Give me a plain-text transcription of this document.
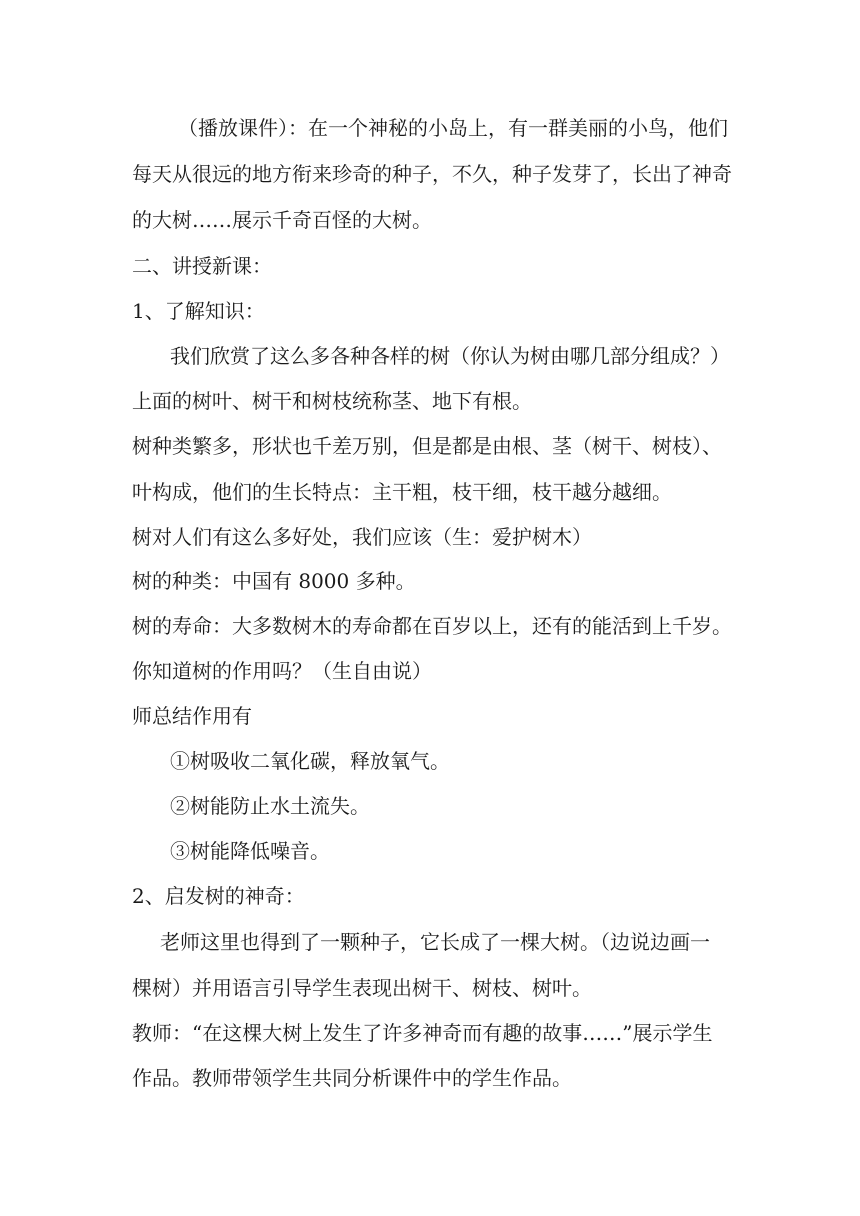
（播放课件）：在一个神秘的小岛上，有一群美丽的小鸟，他们

每天从很远的地方衔来珍奇的种子，不久，种子发芽了，长出了神奇

的大树……展示千奇百怪的大树。

二、讲授新课：

1、了解知识：

我们欣赏了这么多各种各样的树（你认为树由哪几部分组成？）

上面的树叶、树干和树枝统称茎、地下有根。

树种类繁多，形状也千差万别，但是都是由根、茎（树干、树枝）、

叶构成，他们的生长特点：主干粗，枝干细，枝干越分越细。

树对人们有这么多好处，我们应该（生：爱护树木）

树的种类：中国有 8000 多种。

树的寿命：大多数树木的寿命都在百岁以上，还有的能活到上千岁。

你知道树的作用吗？（生自由说）

师总结作用有

①树吸收二氧化碳，释放氧气。

②树能防止水土流失。

③树能降低噪音。

2、启发树的神奇：

老师这里也得到了一颗种子，它长成了一棵大树。（边说边画一

棵树）并用语言引导学生表现出树干、树枝、树叶。

教师：“在这棵大树上发生了许多神奇而有趣的故事……”展示学生

作品。教师带领学生共同分析课件中的学生作品。
